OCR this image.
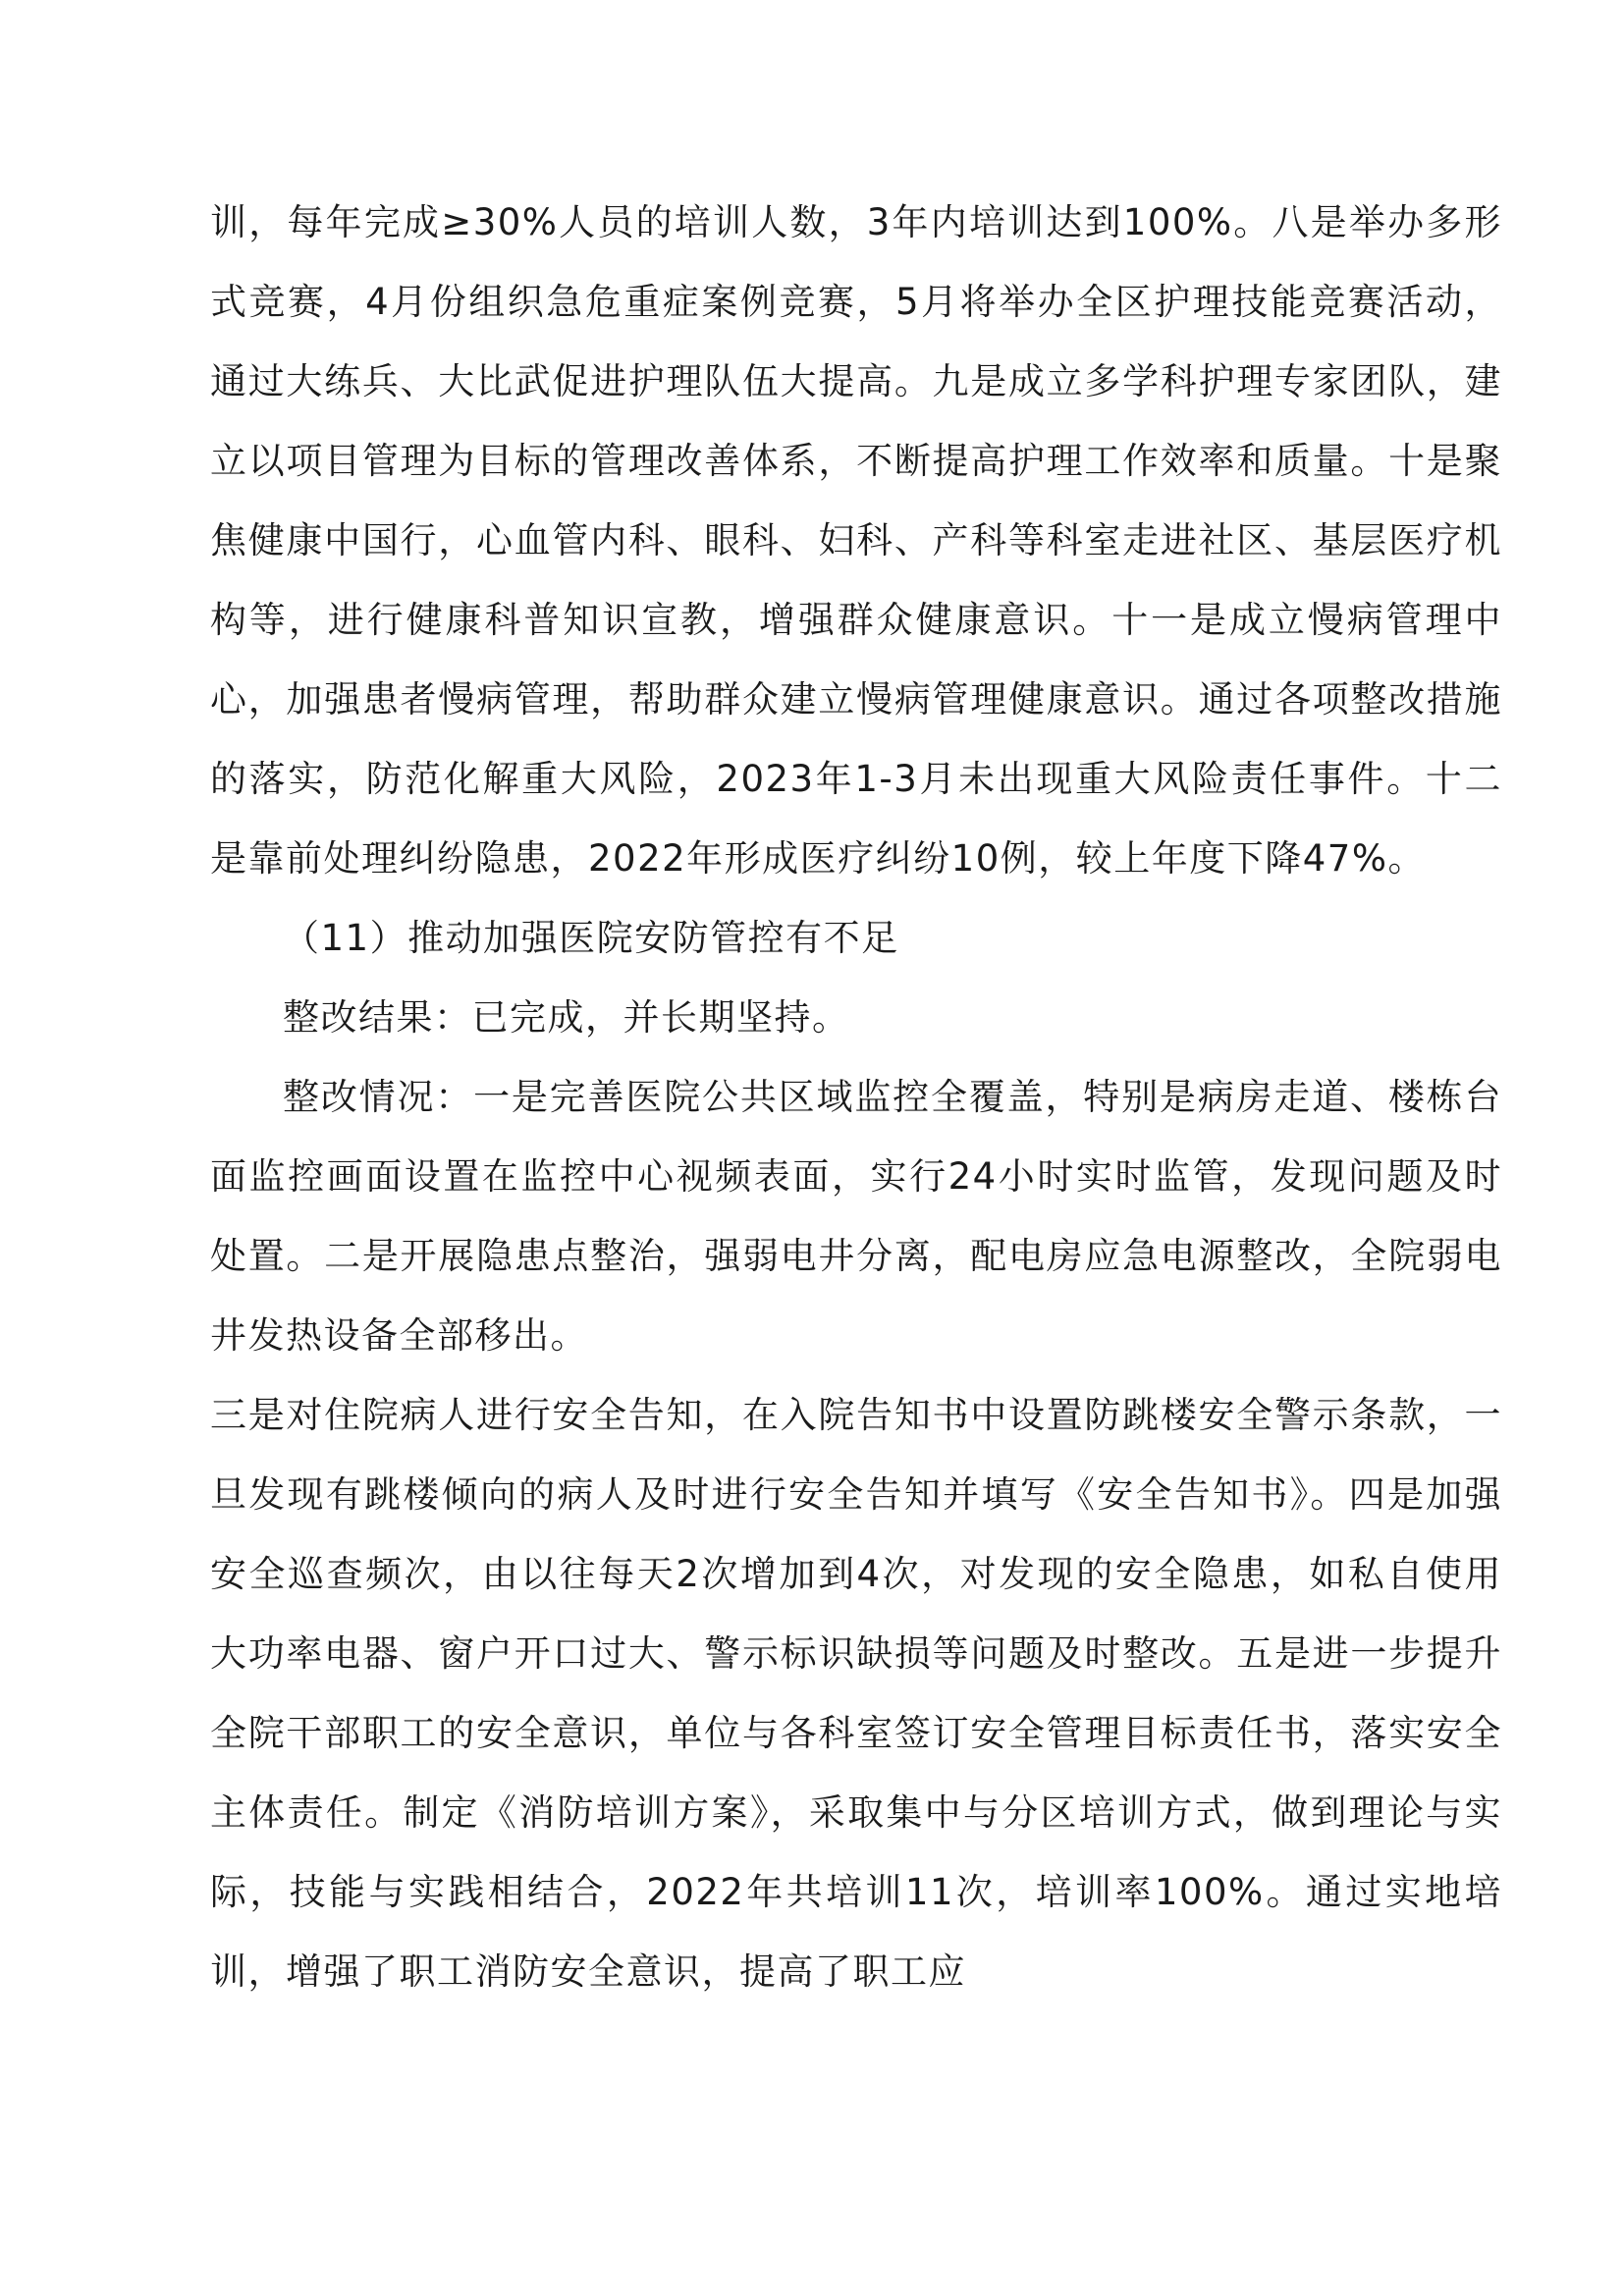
训，每年完成≥30%人员的培训人数，3年内培训达到100%。八是举办多形式竞赛，4月份组织急危重症案例竞赛，5月将举办全区护理技能竞赛活动，通过大练兵、大比武促进护理队伍大提高。九是成立多学科护理专家团队，建立以项目管理为目标的管理改善体系，不断提高护理工作效率和质量。十是聚焦健康中国行，心血管内科、眼科、妇科、产科等科室走进社区、基层医疗机构等，进行健康科普知识宣教，增强群众健康意识。十一是成立慢病管理中心，加强患者慢病管理，帮助群众建立慢病管理健康意识。通过各项整改措施的落实，防范化解重大风险，2023年1-3月未出现重大风险责任事件。十二是靠前处理纠纷隐患，2022年形成医疗纠纷10例，较上年度下降47%。

（11）推动加强医院安防管控有不足

整改结果：已完成，并长期坚持。

整改情况：一是完善医院公共区域监控全覆盖，特别是病房走道、楼栋台面监控画面设置在监控中心视频表面，实行24小时实时监管，发现问题及时处置。二是开展隐患点整治，强弱电井分离，配电房应急电源整改，全院弱电井发热设备全部移出。

三是对住院病人进行安全告知，在入院告知书中设置防跳楼安全警示条款，一旦发现有跳楼倾向的病人及时进行安全告知并填写《安全告知书》。四是加强安全巡查频次，由以往每天2次增加到4次，对发现的安全隐患，如私自使用大功率电器、窗户开口过大、警示标识缺损等问题及时整改。五是进一步提升全院干部职工的安全意识，单位与各科室签订安全管理目标责任书，落实安全主体责任。制定《消防培训方案》，采取集中与分区培训方式，做到理论与实际，技能与实践相结合，2022年共培训11次，培训率100%。通过实地培训，增强了职工消防安全意识，提高了职工应
